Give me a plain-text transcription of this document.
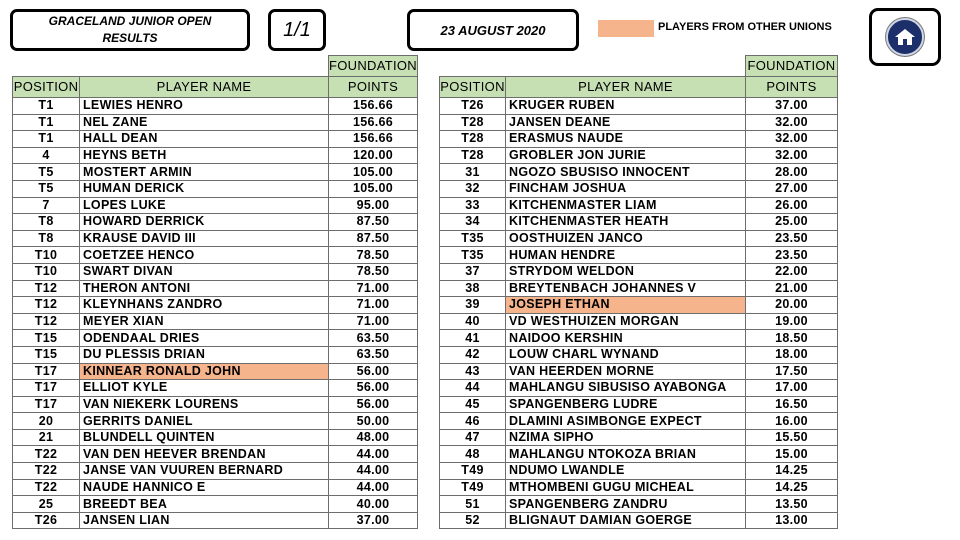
GRACELAND JUNIOR OPEN
RESULTS	1/1	23 AUGUST 2020	PLAYERS FROM OTHER UNIONS
		FOUNDATION
POSITION	PLAYER NAME	POINTS
T1	LEWIES HENRO	156.66
T1	NEL ZANE	156.66
T1	HALL DEAN	156.66
4	HEYNS BETH	120.00
T5	MOSTERT ARMIN	105.00
T5	HUMAN DERICK	105.00
7	LOPES LUKE	95.00
T8	HOWARD DERRICK	87.50
T8	KRAUSE DAVID III	87.50
T10	COETZEE HENCO	78.50
T10	SWART DIVAN	78.50
T12	THERON ANTONI	71.00
T12	KLEYNHANS ZANDRO	71.00
T12	MEYER XIAN	71.00
T15	ODENDAAL DRIES	63.50
T15	DU PLESSIS DRIAN	63.50
T17	KINNEAR RONALD JOHN	56.00
T17	ELLIOT KYLE	56.00
T17	VAN NIEKERK LOURENS	56.00
20	GERRITS DANIEL	50.00
21	BLUNDELL QUINTEN	48.00
T22	VAN DEN HEEVER BRENDAN	44.00
T22	JANSE VAN VUUREN BERNARD	44.00
T22	NAUDE HANNICO E	44.00
25	BREEDT BEA	40.00
T26	JANSEN LIAN	37.00
		FOUNDATION
POSITION	PLAYER NAME	POINTS
T26	KRUGER RUBEN	37.00
T28	JANSEN DEANE	32.00
T28	ERASMUS NAUDE	32.00
T28	GROBLER JON JURIE	32.00
31	NGOZO SBUSISO INNOCENT	28.00
32	FINCHAM JOSHUA	27.00
33	KITCHENMASTER LIAM	26.00
34	KITCHENMASTER HEATH	25.00
T35	OOSTHUIZEN JANCO	23.50
T35	HUMAN HENDRE	23.50
37	STRYDOM WELDON	22.00
38	BREYTENBACH JOHANNES V	21.00
39	JOSEPH ETHAN	20.00
40	VD WESTHUIZEN MORGAN	19.00
41	NAIDOO KERSHIN	18.50
42	LOUW CHARL WYNAND	18.00
43	VAN HEERDEN MORNE	17.50
44	MAHLANGU SIBUSISO AYABONGA	17.00
45	SPANGENBERG LUDRE	16.50
46	DLAMINI ASIMBONGE EXPECT	16.00
47	NZIMA SIPHO	15.50
48	MAHLANGU NTOKOZA BRIAN	15.00
T49	NDUMO LWANDLE	14.25
T49	MTHOMBENI GUGU MICHEAL	14.25
51	SPANGENBERG ZANDRU	13.50
52	BLIGNAUT DAMIAN GOERGE	13.00
